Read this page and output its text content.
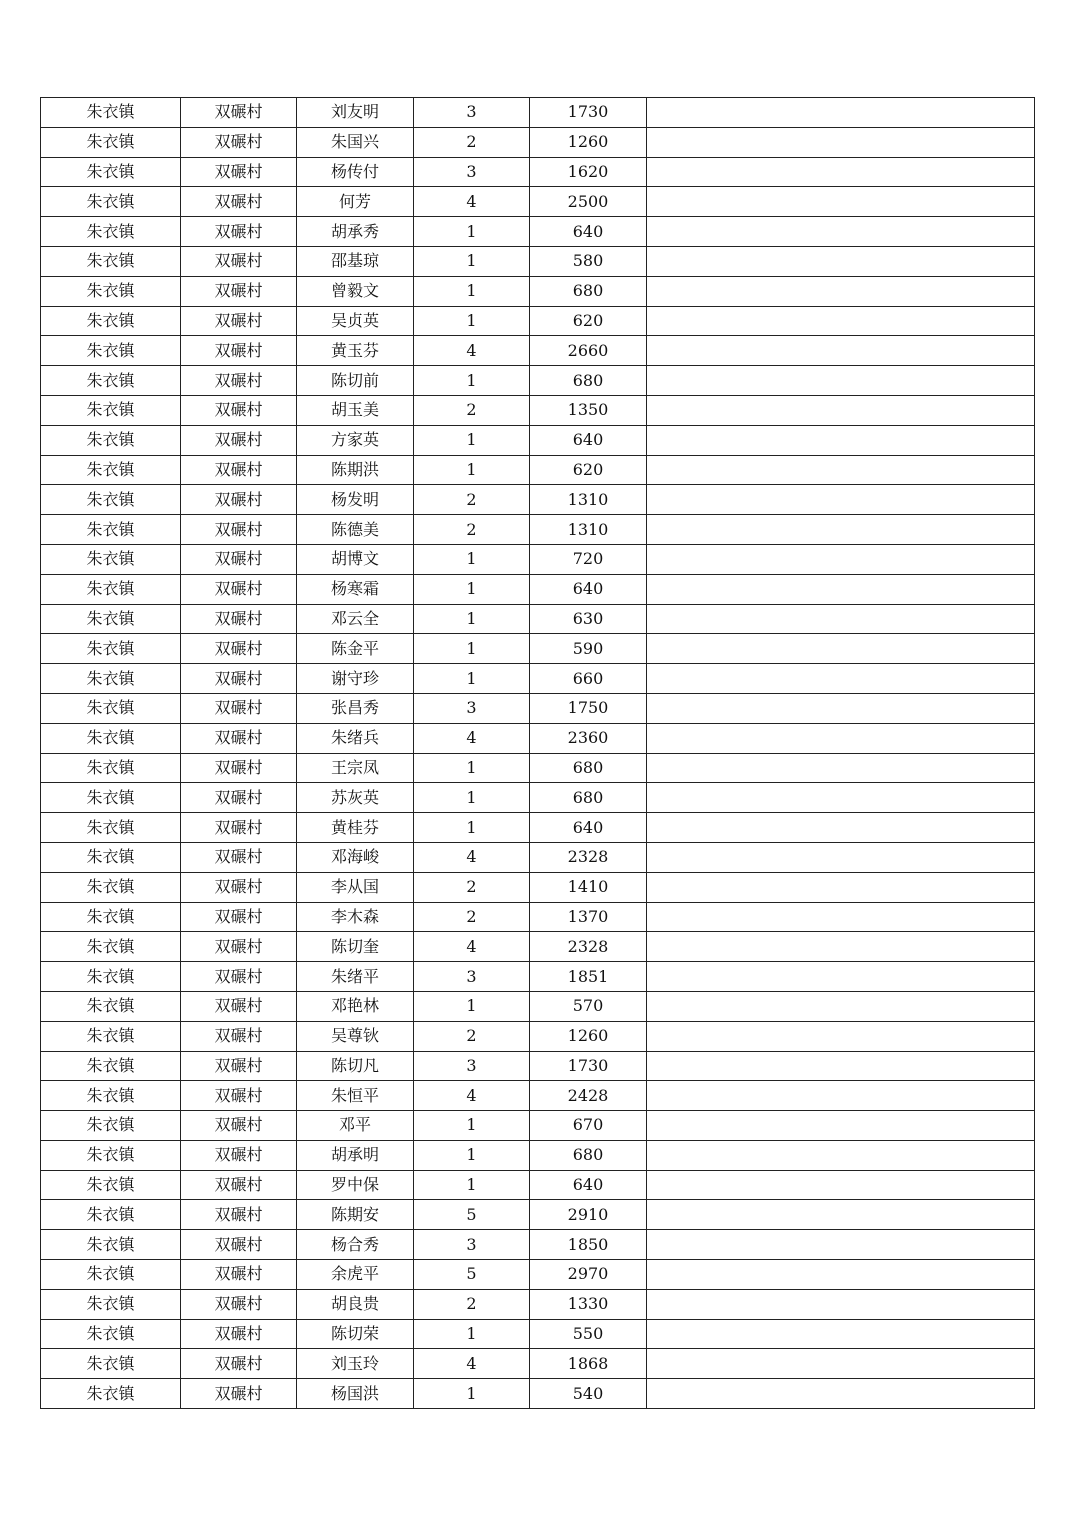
朱衣镇	双碾村	刘友明	3	1730	
朱衣镇	双碾村	朱国兴	2	1260	
朱衣镇	双碾村	杨传付	3	1620	
朱衣镇	双碾村	何芳	4	2500	
朱衣镇	双碾村	胡承秀	1	640	
朱衣镇	双碾村	邵基琼	1	580	
朱衣镇	双碾村	曾毅文	1	680	
朱衣镇	双碾村	吴贞英	1	620	
朱衣镇	双碾村	黄玉芬	4	2660	
朱衣镇	双碾村	陈切前	1	680	
朱衣镇	双碾村	胡玉美	2	1350	
朱衣镇	双碾村	方家英	1	640	
朱衣镇	双碾村	陈期洪	1	620	
朱衣镇	双碾村	杨发明	2	1310	
朱衣镇	双碾村	陈德美	2	1310	
朱衣镇	双碾村	胡博文	1	720	
朱衣镇	双碾村	杨寒霜	1	640	
朱衣镇	双碾村	邓云全	1	630	
朱衣镇	双碾村	陈金平	1	590	
朱衣镇	双碾村	谢守珍	1	660	
朱衣镇	双碾村	张昌秀	3	1750	
朱衣镇	双碾村	朱绪兵	4	2360	
朱衣镇	双碾村	王宗凤	1	680	
朱衣镇	双碾村	苏灰英	1	680	
朱衣镇	双碾村	黄桂芬	1	640	
朱衣镇	双碾村	邓海峻	4	2328	
朱衣镇	双碾村	李从国	2	1410	
朱衣镇	双碾村	李木森	2	1370	
朱衣镇	双碾村	陈切奎	4	2328	
朱衣镇	双碾村	朱绪平	3	1851	
朱衣镇	双碾村	邓艳林	1	570	
朱衣镇	双碾村	吴尊钬	2	1260	
朱衣镇	双碾村	陈切凡	3	1730	
朱衣镇	双碾村	朱恒平	4	2428	
朱衣镇	双碾村	邓平	1	670	
朱衣镇	双碾村	胡承明	1	680	
朱衣镇	双碾村	罗中保	1	640	
朱衣镇	双碾村	陈期安	5	2910	
朱衣镇	双碾村	杨合秀	3	1850	
朱衣镇	双碾村	余虎平	5	2970	
朱衣镇	双碾村	胡良贵	2	1330	
朱衣镇	双碾村	陈切荣	1	550	
朱衣镇	双碾村	刘玉玲	4	1868	
朱衣镇	双碾村	杨国洪	1	540	
